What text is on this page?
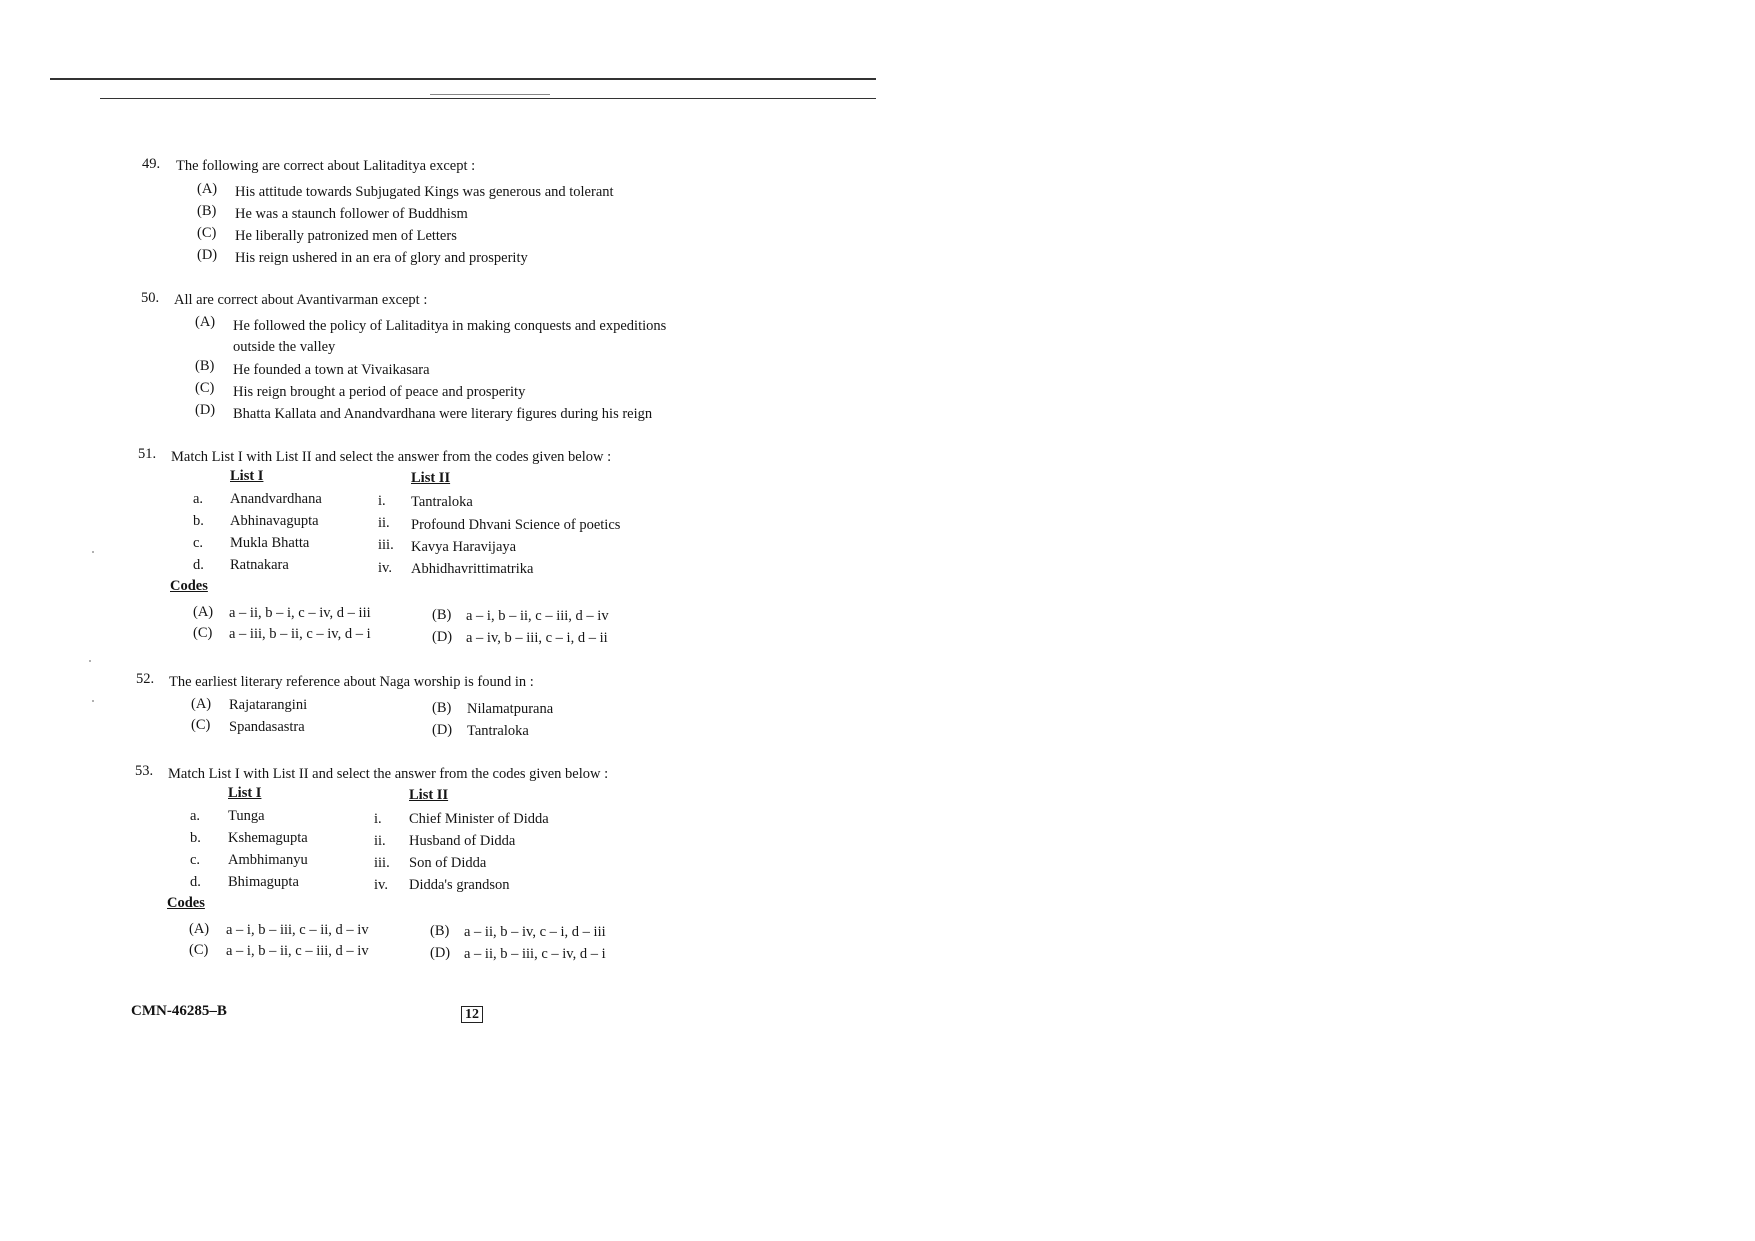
49. The following are correct about Lalitaditya except :
(A) His attitude towards Subjugated Kings was generous and tolerant
(B) He was a staunch follower of Buddhism
(C) He liberally patronized men of Letters
(D) His reign ushered in an era of glory and prosperity
50. All are correct about Avantivarman except :
(A) He followed the policy of Lalitaditya in making conquests and expeditions
outside the valley
(B) He founded a town at Vivaikasara
(C) His reign brought a period of peace and prosperity
(D) Bhatta Kallata and Anandvardhana were literary figures during his reign
51. Match List I with List II and select the answer from the codes given below :
List I	List II
a. Anandvardhana	i. Tantraloka
b. Abhinavagupta	ii. Profound Dhvani Science of poetics
c. Mukla Bhatta	iii. Kavya Haravijaya
d. Ratnakara	iv. Abhidhavrittimatrika
Codes
(A) a – ii, b – i, c – iv, d – iii	(B) a – i, b – ii, c – iii, d – iv
(C) a – iii, b – ii, c – iv, d – i	(D) a – iv, b – iii, c – i, d – ii
52. The earliest literary reference about Naga worship is found in :
(A) Rajatarangini	(B) Nilamatpurana
(C) Spandasastra	(D) Tantraloka
53. Match List I with List II and select the answer from the codes given below :
List I	List II
a. Tunga	i. Chief Minister of Didda
b. Kshemagupta	ii. Husband of Didda
c. Ambhimanyu	iii. Son of Didda
d. Bhimagupta	iv. Didda's grandson
Codes
(A) a – i, b – iii, c – ii, d – iv	(B) a – ii, b – iv, c – i, d – iii
(C) a – i, b – ii, c – iii, d – iv	(D) a – ii, b – iii, c – iv, d – i
CMN-46285–B	12
